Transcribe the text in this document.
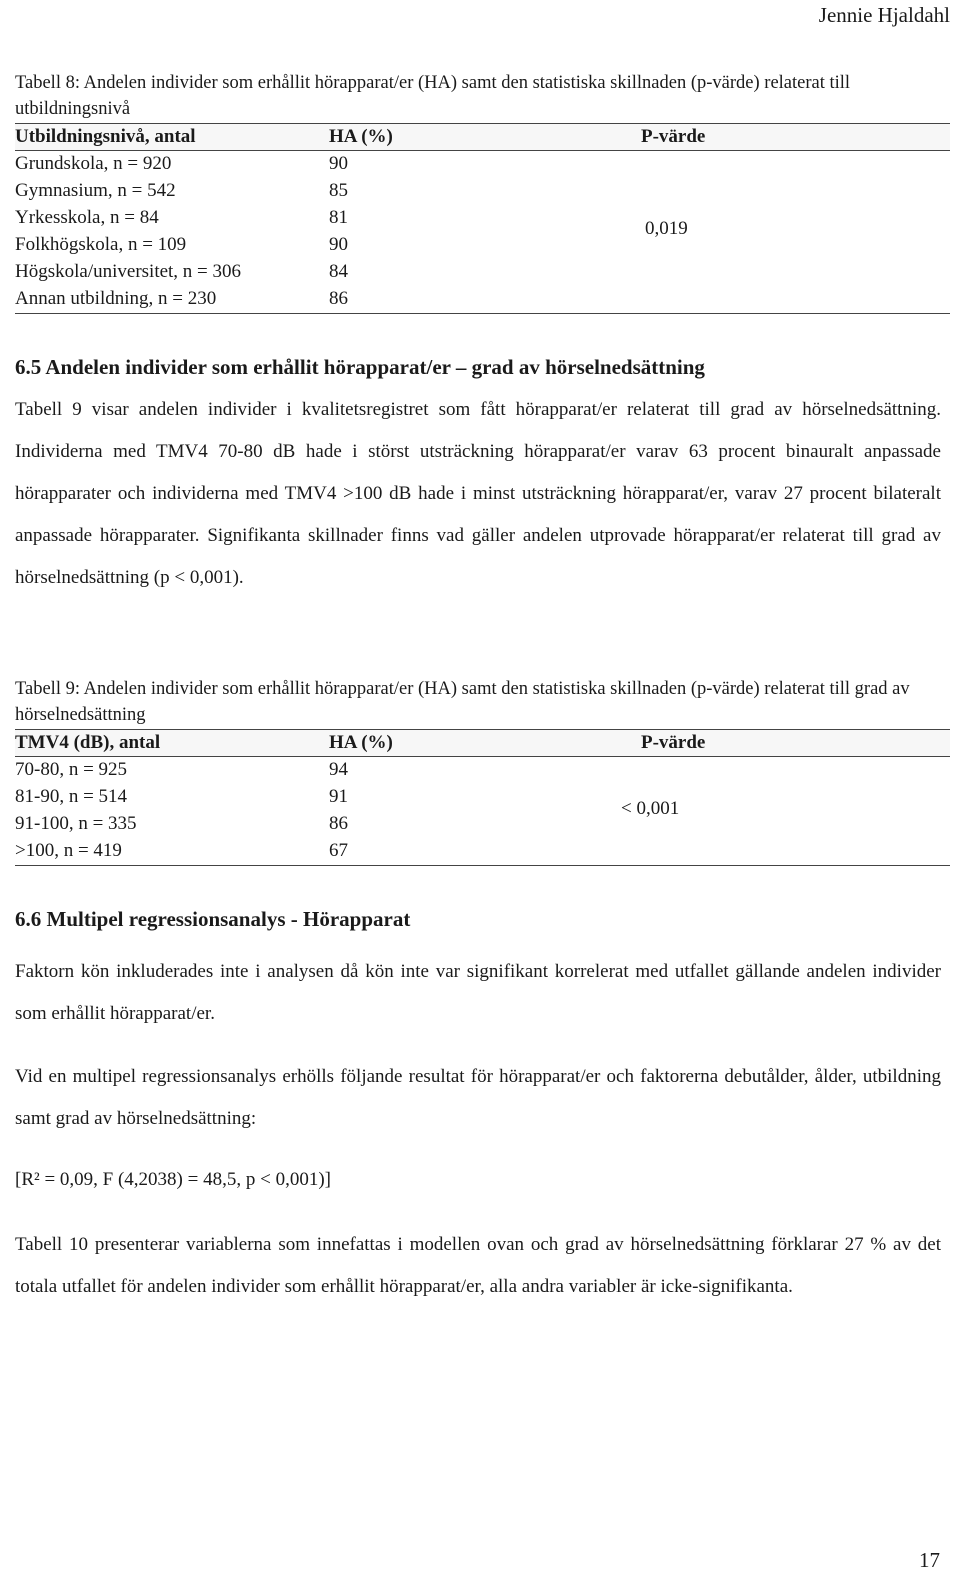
Jennie Hjaldahl
Tabell 8: Andelen individer som erhållit hörapparat/er (HA) samt den statistiska skillnaden (p-värde) relaterat till utbildningsnivå
Utbildningsnivå, antal	HA (%)	P-värde
Grundskola, n = 920	90
Gymnasium, n = 542	85
Yrkesskola, n = 84	81
Folkhögskola, n = 109	90
Högskola/universitet, n = 306	84
Annan utbildning, n = 230	86
0,019
6.5 Andelen individer som erhållit hörapparat/er – grad av hörselnedsättning

Tabell 9 visar andelen individer i kvalitetsregistret som fått hörapparat/er relaterat till grad av hörselnedsättning. Individerna med TMV4 70-80 dB hade i störst utsträckning hörapparat/er varav 63 procent binauralt anpassade hörapparater och individerna med TMV4 >100 dB hade i minst utsträckning hörapparat/er, varav 27 procent bilateralt anpassade hörapparater. Signifikanta skillnader finns vad gäller andelen utprovade hörapparat/er relaterat till grad av hörselnedsättning (p < 0,001).

Tabell 9: Andelen individer som erhållit hörapparat/er (HA) samt den statistiska skillnaden (p-värde) relaterat till grad av hörselnedsättning
TMV4 (dB), antal	HA (%)	P-värde
70-80, n = 925	94
81-90, n = 514	91
91-100, n = 335	86
>100, n = 419	67
< 0,001
6.6 Multipel regressionsanalys - Hörapparat

Faktorn kön inkluderades inte i analysen då kön inte var signifikant korrelerat med utfallet gällande andelen individer som erhållit hörapparat/er.

Vid en multipel regressionsanalys erhölls följande resultat för hörapparat/er och faktorerna debutålder, ålder, utbildning samt grad av hörselnedsättning:

[R² = 0,09, F (4,2038) = 48,5, p < 0,001)]

Tabell 10 presenterar variablerna som innefattas i modellen ovan och grad av hörselnedsättning förklarar 27 % av det totala utfallet för andelen individer som erhållit hörapparat/er, alla andra variabler är icke-signifikanta.

17
